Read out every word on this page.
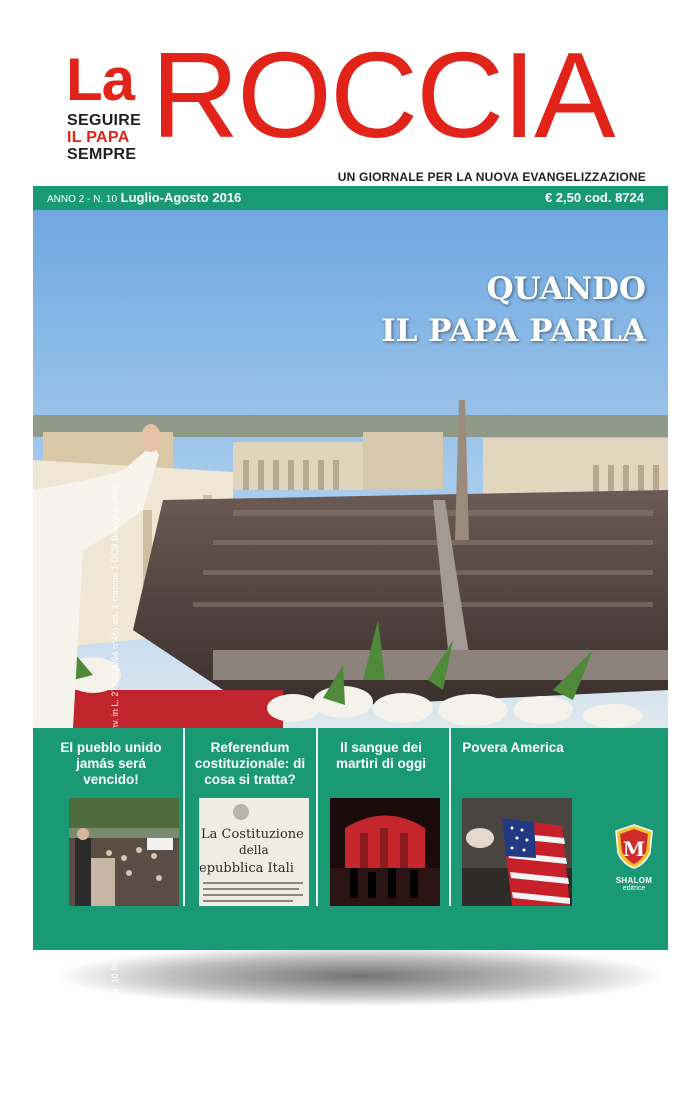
La
SEGUIRE
IL PAPA
SEMPRE ROCCIA
UN GIORNALE PER LA NUOVA EVANGELIZZAZIONE
ANNO 2 - N. 10 Luglio-Agosto 2016	€ 2,50 cod. 8724
QUANDO
IL PAPA PARLA
El pueblo unido jamás será vencido!
Referendum costituzionale: di cosa si tratta?
Il sangue dei martiri di oggi
Povera America
La Costituzione
della
epubblica Itali
M
SHALOM
editrice
